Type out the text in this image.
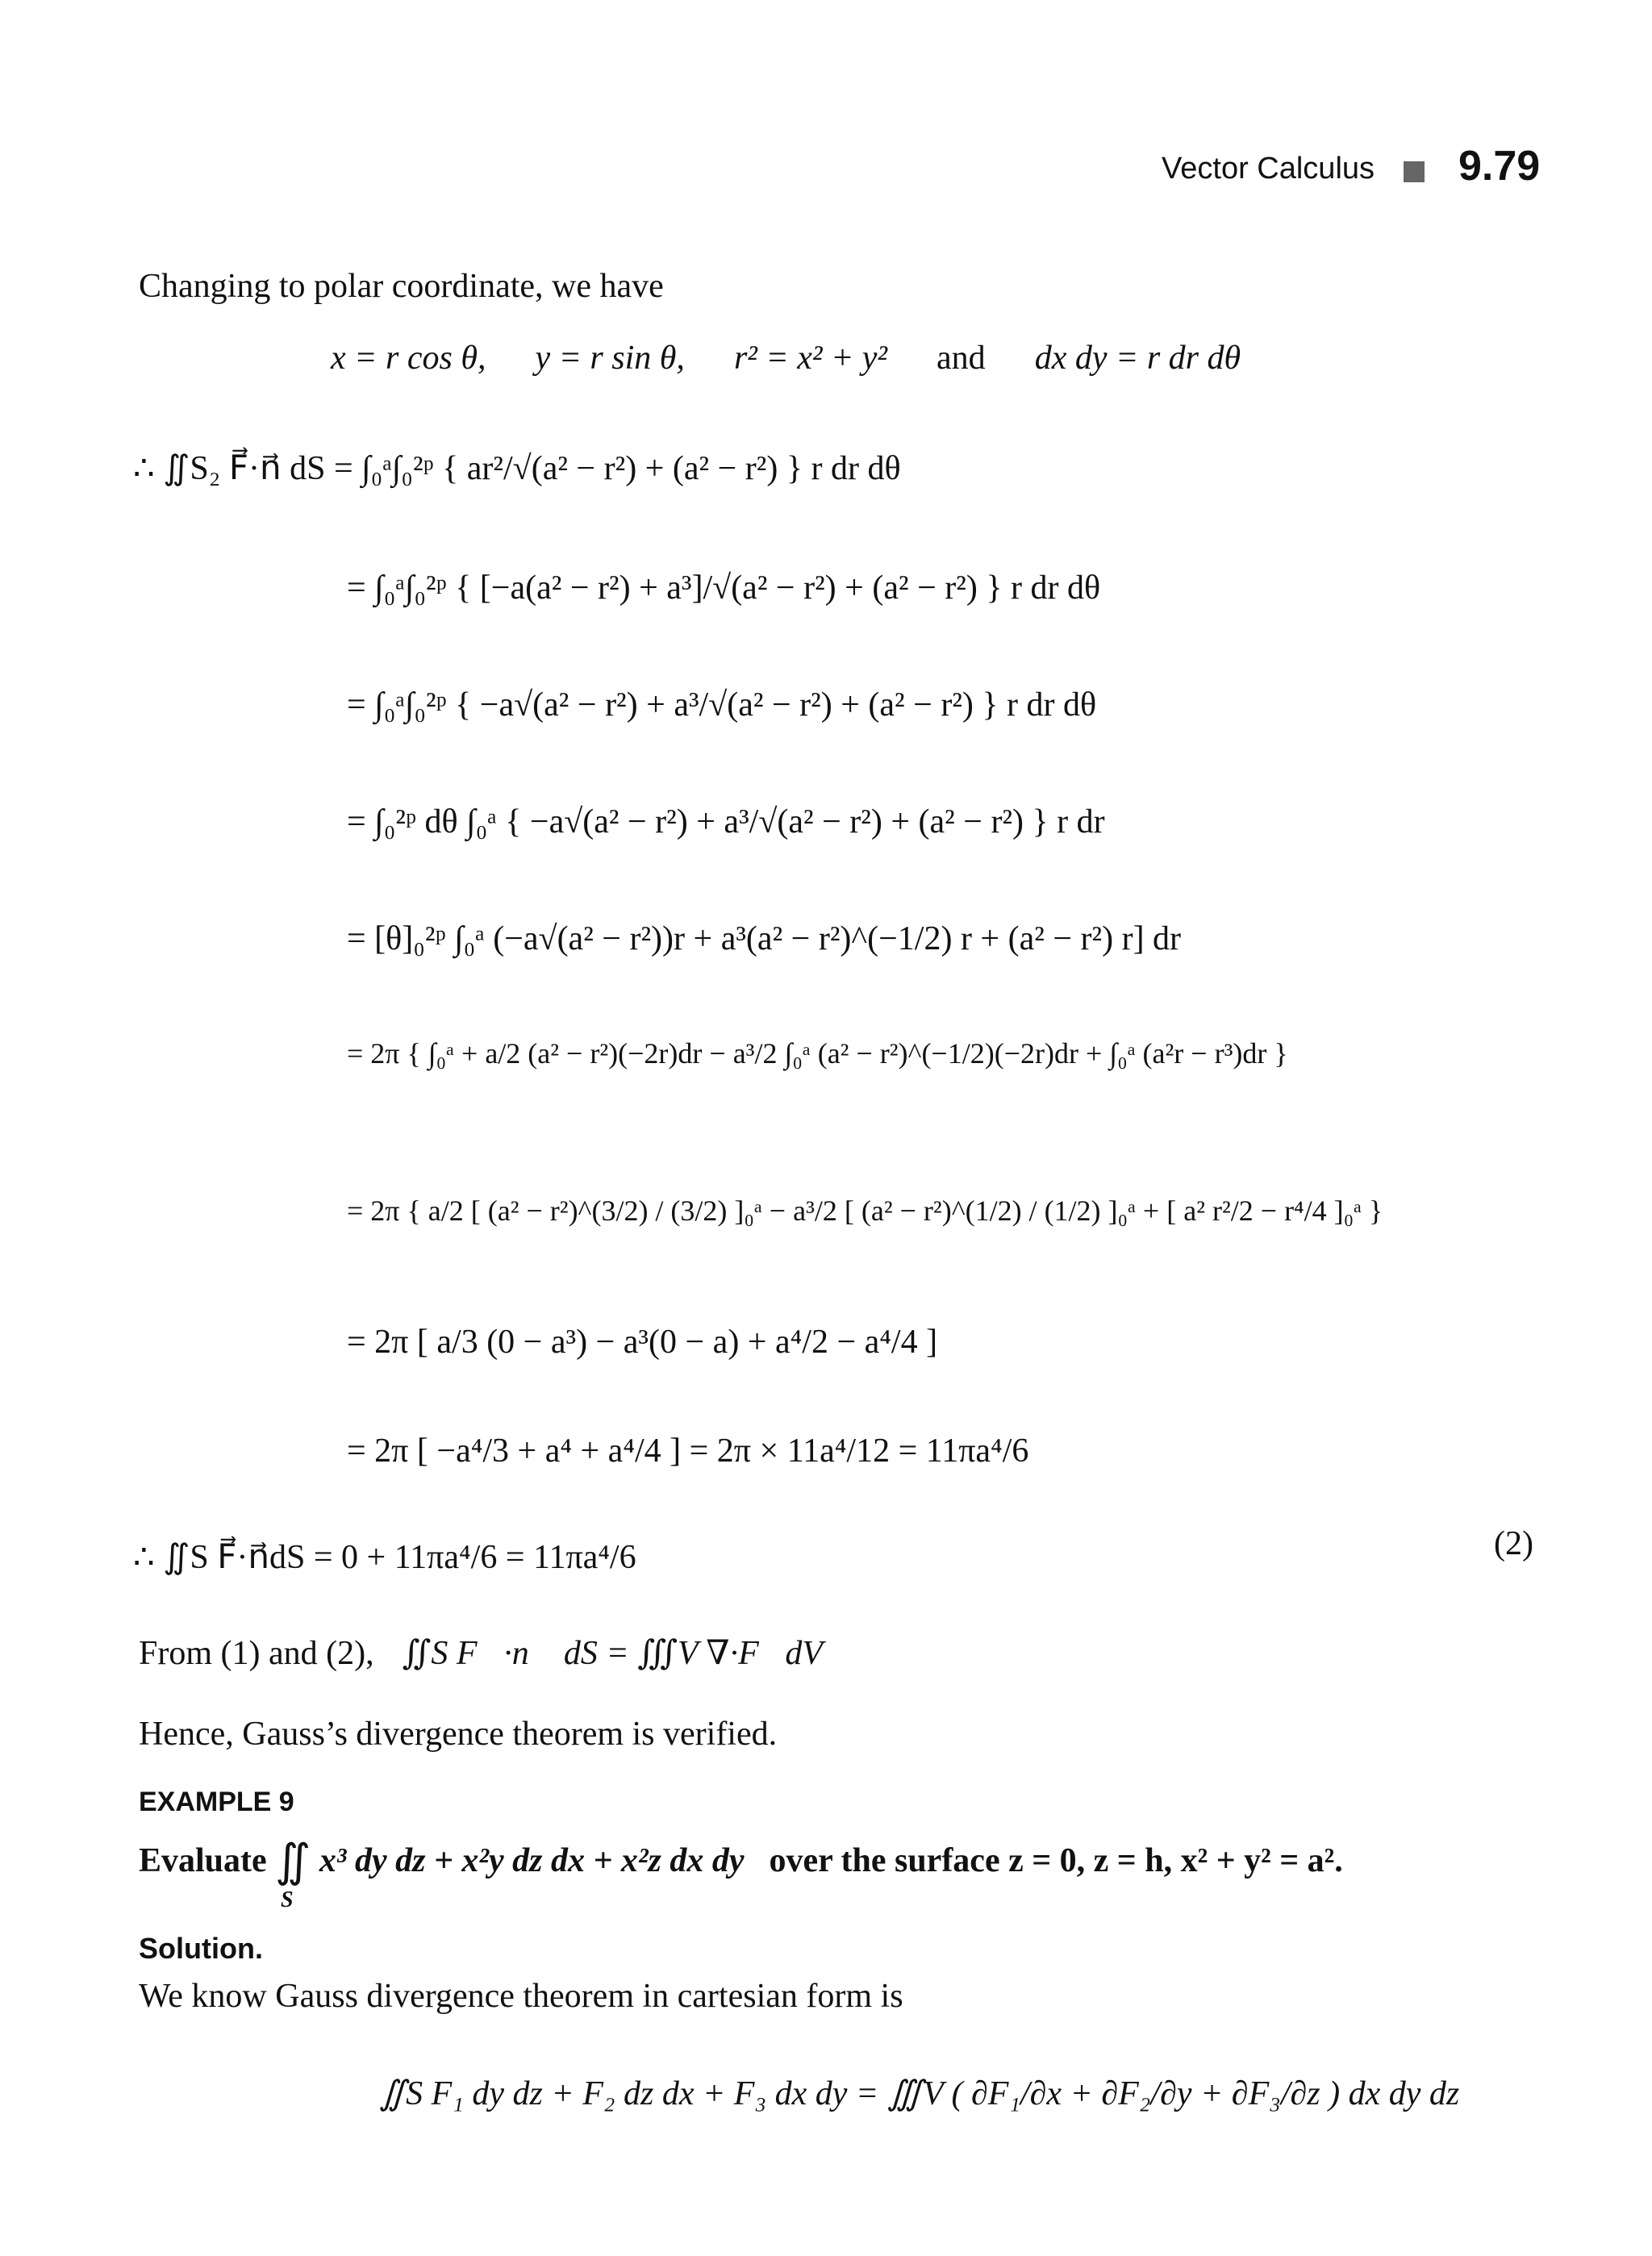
Vector Calculus 9.79
Changing to polar coordinate, we have
x = r cos θ, y = r sin θ, r² = x² + y² and dx dy = r dr dθ
∴ ∬S₂ F⃗·n⃗ dS = ∫₀ᵃ∫₀²ᵖ { ar²/√(a² − r²) + (a² − r²) } r dr dθ
= ∫₀ᵃ∫₀²ᵖ { [−a(a² − r²) + a³]/√(a² − r²) + (a² − r²) } r dr dθ
= ∫₀ᵃ∫₀²ᵖ { −a√(a² − r²) + a³/√(a² − r²) + (a² − r²) } r dr dθ
= ∫₀²ᵖ dθ ∫₀ᵃ { −a√(a² − r²) + a³/√(a² − r²) + (a² − r²) } r dr
= [θ]₀²ᵖ ∫₀ᵃ (−a√(a² − r²))r + a³(a² − r²)^(−1/2) r + (a² − r²) r] dr
= 2π { ∫₀ᵃ + a/2 (a² − r²)(−2r)dr − a³/2 ∫₀ᵃ (a² − r²)^(−1/2)(−2r)dr + ∫₀ᵃ (a²r − r³)dr }
= 2π { a/2 [ (a² − r²)^(3/2) / (3/2) ]₀ᵃ − a³/2 [ (a² − r²)^(1/2) / (1/2) ]₀ᵃ + [ a² r²/2 − r⁴/4 ]₀ᵃ }
= 2π [ a/3 (0 − a³) − a³(0 − a) + a⁴/2 − a⁴/4 ]
= 2π [ −a⁴/3 + a⁴ + a⁴/4 ] = 2π × 11a⁴/12 = 11πa⁴/6
∴ ∬S F⃗·n⃗dS = 0 + 11πa⁴/6 = 11πa⁴/6	(2)
From (1) and (2), ∬S F⃗·n⃗ dS = ∭V ∇·F⃗dV
Hence, Gauss’s divergence theorem is verified.
EXAMPLE 9
Evaluate ∬ x³ dy dz + x²y dz dx + x²z dx dy over the surface z = 0, z = h, x² + y² = a².
S
Solution.
We know Gauss divergence theorem in cartesian form is
∬S F₁ dy dz + F₂ dz dx + F₃ dx dy = ∭V ( ∂F₁/∂x + ∂F₂/∂y + ∂F₃/∂z ) dx dy dz
